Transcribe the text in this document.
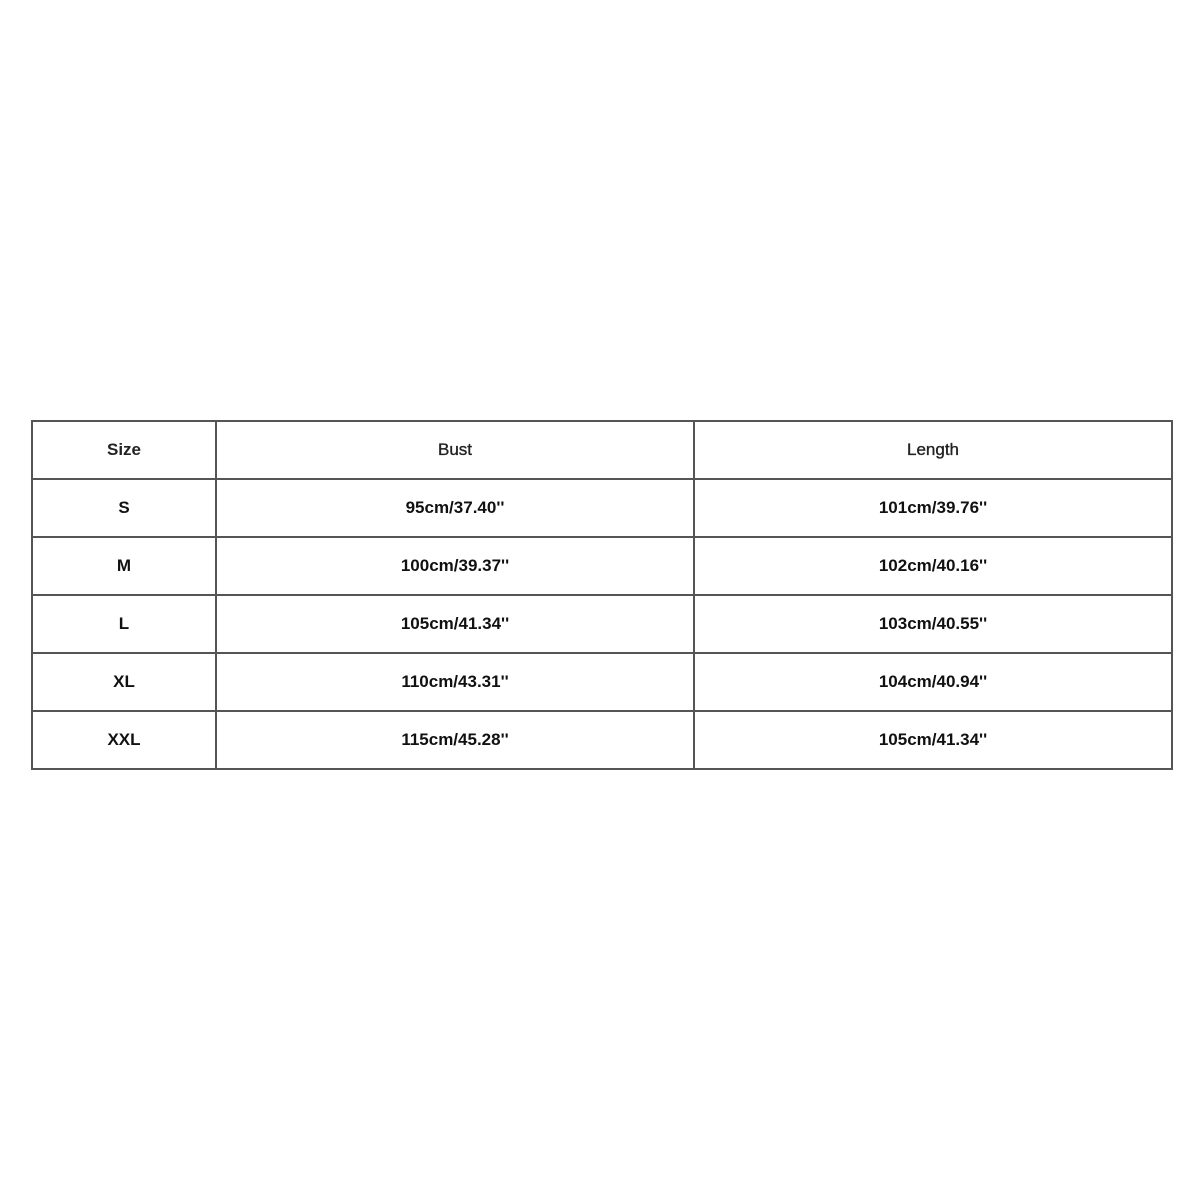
Size	Bust	Length
S	95cm/37.40''	101cm/39.76''
M	100cm/39.37''	102cm/40.16''
L	105cm/41.34''	103cm/40.55''
XL	110cm/43.31''	104cm/40.94''
XXL	115cm/45.28''	105cm/41.34''
